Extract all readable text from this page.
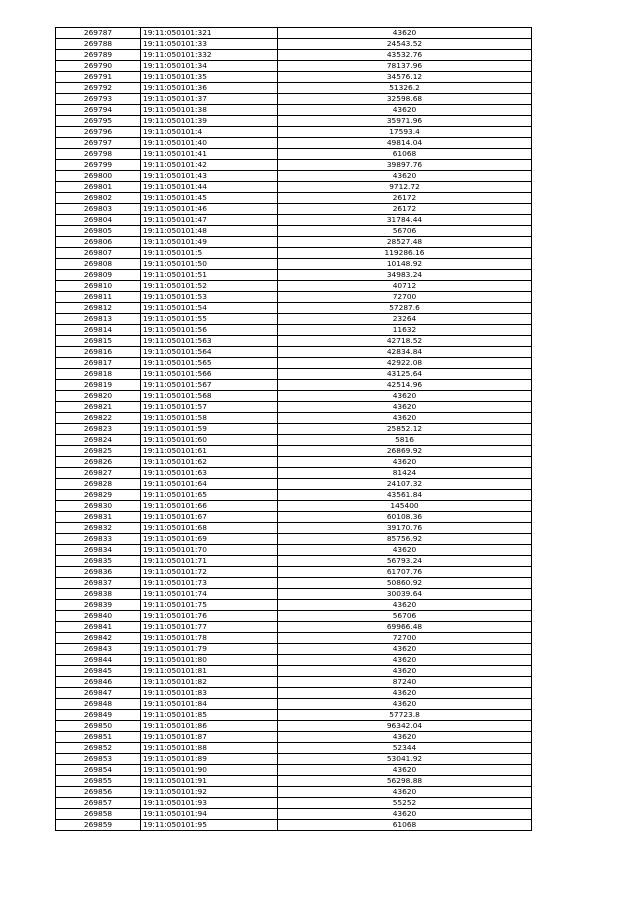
269787	19:11:050101:321	43620
269788	19:11:050101:33	24543.52
269789	19:11:050101:332	43532.76
269790	19:11:050101:34	78137.96
269791	19:11:050101:35	34576.12
269792	19:11:050101:36	51326.2
269793	19:11:050101:37	32598.68
269794	19:11:050101:38	43620
269795	19:11:050101:39	35971.96
269796	19:11:050101:4	17593.4
269797	19:11:050101:40	49814.04
269798	19:11:050101:41	61068
269799	19:11:050101:42	39897.76
269800	19:11:050101:43	43620
269801	19:11:050101:44	9712.72
269802	19:11:050101:45	26172
269803	19:11:050101:46	26172
269804	19:11:050101:47	31784.44
269805	19:11:050101:48	56706
269806	19:11:050101:49	28527.48
269807	19:11:050101:5	119286.16
269808	19:11:050101:50	10148.92
269809	19:11:050101:51	34983.24
269810	19:11:050101:52	40712
269811	19:11:050101:53	72700
269812	19:11:050101:54	57287.6
269813	19:11:050101:55	23264
269814	19:11:050101:56	11632
269815	19:11:050101:563	42718.52
269816	19:11:050101:564	42834.84
269817	19:11:050101:565	42922.08
269818	19:11:050101:566	43125.64
269819	19:11:050101:567	42514.96
269820	19:11:050101:568	43620
269821	19:11:050101:57	43620
269822	19:11:050101:58	43620
269823	19:11:050101:59	25852.12
269824	19:11:050101:60	5816
269825	19:11:050101:61	26869.92
269826	19:11:050101:62	43620
269827	19:11:050101:63	81424
269828	19:11:050101:64	24107.32
269829	19:11:050101:65	43561.84
269830	19:11:050101:66	145400
269831	19:11:050101:67	60108.36
269832	19:11:050101:68	39170.76
269833	19:11:050101:69	85756.92
269834	19:11:050101:70	43620
269835	19:11:050101:71	56793.24
269836	19:11:050101:72	61707.76
269837	19:11:050101:73	50860.92
269838	19:11:050101:74	30039.64
269839	19:11:050101:75	43620
269840	19:11:050101:76	56706
269841	19:11:050101:77	69966.48
269842	19:11:050101:78	72700
269843	19:11:050101:79	43620
269844	19:11:050101:80	43620
269845	19:11:050101:81	43620
269846	19:11:050101:82	87240
269847	19:11:050101:83	43620
269848	19:11:050101:84	43620
269849	19:11:050101:85	57723.8
269850	19:11:050101:86	96342.04
269851	19:11:050101:87	43620
269852	19:11:050101:88	52344
269853	19:11:050101:89	53041.92
269854	19:11:050101:90	43620
269855	19:11:050101:91	56298.88
269856	19:11:050101:92	43620
269857	19:11:050101:93	55252
269858	19:11:050101:94	43620
269859	19:11:050101:95	61068
